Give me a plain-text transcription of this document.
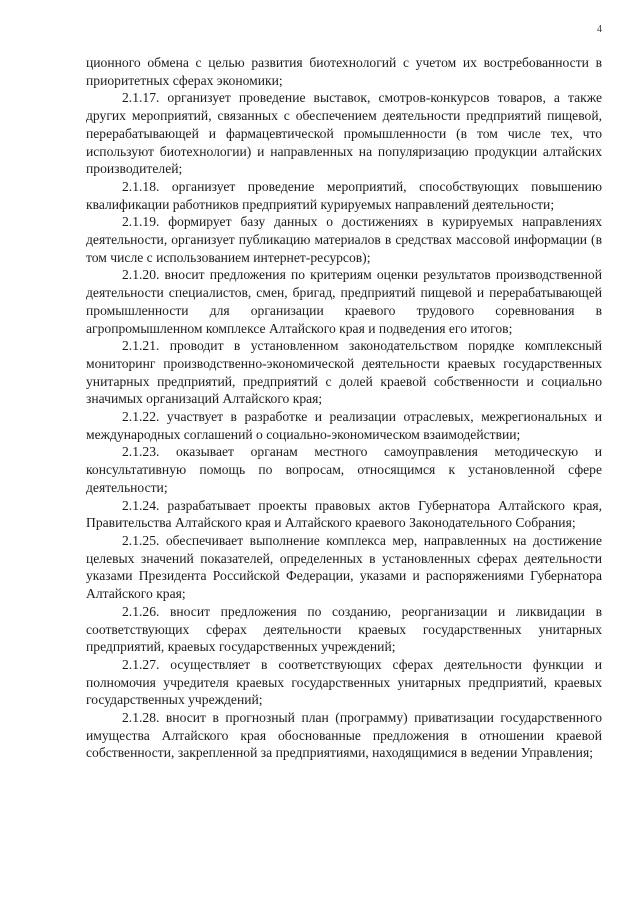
4

ционного обмена с целью развития биотехнологий с учетом их востребованности в приоритетных сферах экономики;

2.1.17. организует проведение выставок, смотров-конкурсов товаров, а также других мероприятий, связанных с обеспечением деятельности предприятий пищевой, перерабатывающей и фармацевтической промышленности (в том числе тех, что используют биотехнологии) и направленных на популяризацию продукции алтайских производителей;

2.1.18. организует проведение мероприятий, способствующих повышению квалификации работников предприятий курируемых направлений деятельности;

2.1.19. формирует базу данных о достижениях в курируемых направлениях деятельности, организует публикацию материалов в средствах массовой информации (в том числе с использованием интернет-ресурсов);

2.1.20. вносит предложения по критериям оценки результатов производственной деятельности специалистов, смен, бригад, предприятий пищевой и перерабатывающей промышленности для организации краевого трудового соревнования в агропромышленном комплексе Алтайского края и подведения его итогов;

2.1.21. проводит в установленном законодательством порядке комплексный мониторинг производственно-экономической деятельности краевых государственных унитарных предприятий, предприятий с долей краевой собственности и социально значимых организаций Алтайского края;

2.1.22. участвует в разработке и реализации отраслевых, межрегиональных и международных соглашений о социально-экономическом взаимодействии;

2.1.23. оказывает органам местного самоуправления методическую и консультативную помощь по вопросам, относящимся к установленной сфере деятельности;

2.1.24. разрабатывает проекты правовых актов Губернатора Алтайского края, Правительства Алтайского края и Алтайского краевого Законодательного Собрания;

2.1.25. обеспечивает выполнение комплекса мер, направленных на достижение целевых значений показателей, определенных в установленных сферах деятельности указами Президента Российской Федерации, указами и распоряжениями Губернатора Алтайского края;

2.1.26. вносит предложения по созданию, реорганизации и ликвидации в соответствующих сферах деятельности краевых государственных унитарных предприятий, краевых государственных учреждений;

2.1.27. осуществляет в соответствующих сферах деятельности функции и полномочия учредителя краевых государственных унитарных предприятий, краевых государственных учреждений;

2.1.28. вносит в прогнозный план (программу) приватизации государственного имущества Алтайского края обоснованные предложения в отношении краевой собственности, закрепленной за предприятиями, находящимися в ведении Управления;
